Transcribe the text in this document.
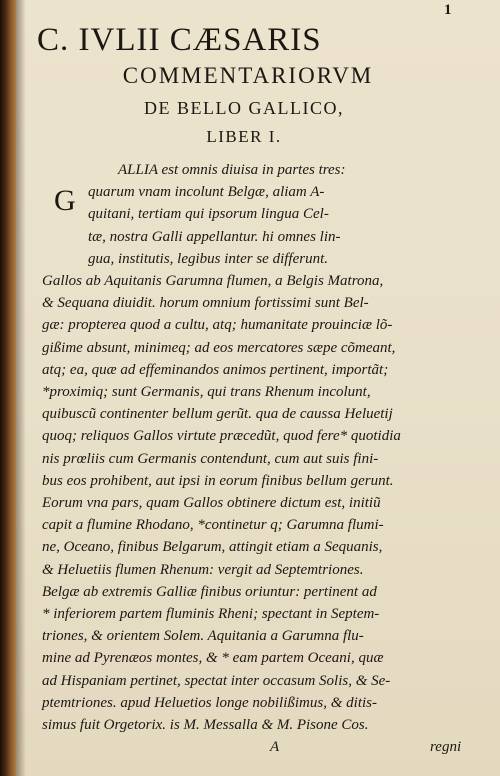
1
C. IVLII CÆSARIS
COMMENTARIORVM
DE BELLO GALLICO,
LIBER I.
G
ALLIA est omnis diuisa in partes tres:
quarum vnam incolunt Belgæ, aliam A-
quitani, tertiam qui ipsorum lingua Cel-
tæ, nostra Galli appellantur. hi omnes lin-
gua, institutis, legibus inter se differunt.
Gallos ab Aquitanis Garumna flumen, a Belgis Matrona,
& Sequana diuidit. horum omnium fortissimi sunt Bel-
gæ: propterea quod a cultu, atq; humanitate prouinciæ lõ-
gißime absunt, minimeq; ad eos mercatores sæpe cõmeant,
atq; ea, quæ ad effeminandos animos pertinent, importãt;
*proximiq; sunt Germanis, qui trans Rhenum incolunt,
quibuscũ continenter bellum gerũt. qua de caussa Heluetij
quoq; reliquos Gallos virtute præcedũt, quod fere* quotidia
nis prœliis cum Germanis contendunt, cum aut suis fini-
bus eos prohibent, aut ipsi in eorum finibus bellum gerunt.
Eorum vna pars, quam Gallos obtinere dictum est, initiũ
capit a flumine Rhodano, *continetur q; Garumna flumi-
ne, Oceano, finibus Belgarum, attingit etiam a Sequanis,
& Heluetiis flumen Rhenum: vergit ad Septemtriones.
Belgæ ab extremis Galliæ finibus oriuntur: pertinent ad
* inferiorem partem fluminis Rheni; spectant in Septem-
triones, & orientem Solem. Aquitania a Garumna flu-
mine ad Pyrenæos montes, & * eam partem Oceani, quæ
ad Hispaniam pertinet, spectat inter occasum Solis, & Se-
ptemtriones. apud Heluetios longe nobilißimus, & ditis-
simus fuit Orgetorix. is M. Messalla & M. Pisone Cos.
A	regni
